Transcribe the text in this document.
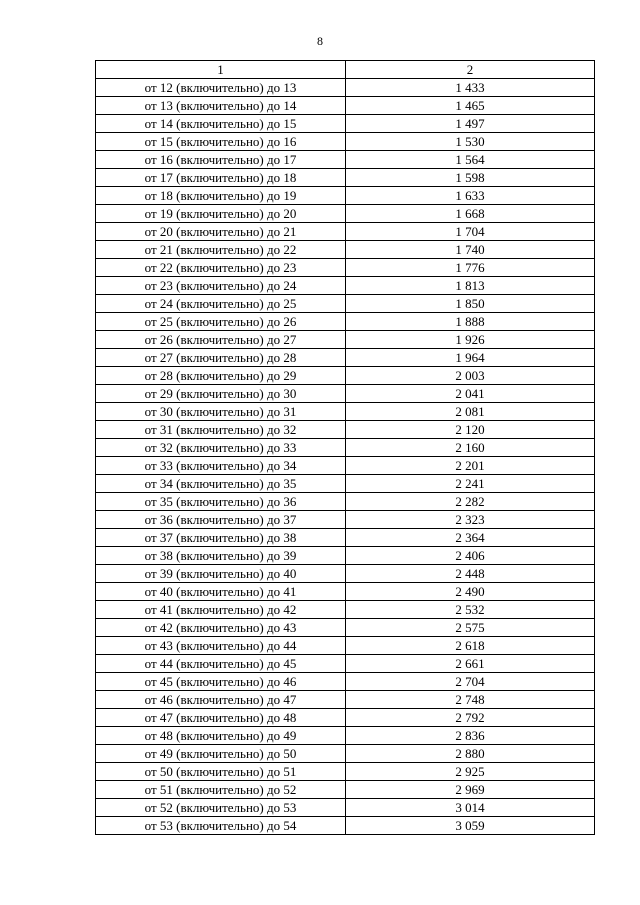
8
1	2
от 12 (включительно) до 13	1 433
от 13 (включительно) до 14	1 465
от 14 (включительно) до 15	1 497
от 15 (включительно) до 16	1 530
от 16 (включительно) до 17	1 564
от 17 (включительно) до 18	1 598
от 18 (включительно) до 19	1 633
от 19 (включительно) до 20	1 668
от 20 (включительно) до 21	1 704
от 21 (включительно) до 22	1 740
от 22 (включительно) до 23	1 776
от 23 (включительно) до 24	1 813
от 24 (включительно) до 25	1 850
от 25 (включительно) до 26	1 888
от 26 (включительно) до 27	1 926
от 27 (включительно) до 28	1 964
от 28 (включительно) до 29	2 003
от 29 (включительно) до 30	2 041
от 30 (включительно) до 31	2 081
от 31 (включительно) до 32	2 120
от 32 (включительно) до 33	2 160
от 33 (включительно) до 34	2 201
от 34 (включительно) до 35	2 241
от 35 (включительно) до 36	2 282
от 36 (включительно) до 37	2 323
от 37 (включительно) до 38	2 364
от 38 (включительно) до 39	2 406
от 39 (включительно) до 40	2 448
от 40 (включительно) до 41	2 490
от 41 (включительно) до 42	2 532
от 42 (включительно) до 43	2 575
от 43 (включительно) до 44	2 618
от 44 (включительно) до 45	2 661
от 45 (включительно) до 46	2 704
от 46 (включительно) до 47	2 748
от 47 (включительно) до 48	2 792
от 48 (включительно) до 49	2 836
от 49 (включительно) до 50	2 880
от 50 (включительно) до 51	2 925
от 51 (включительно) до 52	2 969
от 52 (включительно) до 53	3 014
от 53 (включительно) до 54	3 059
